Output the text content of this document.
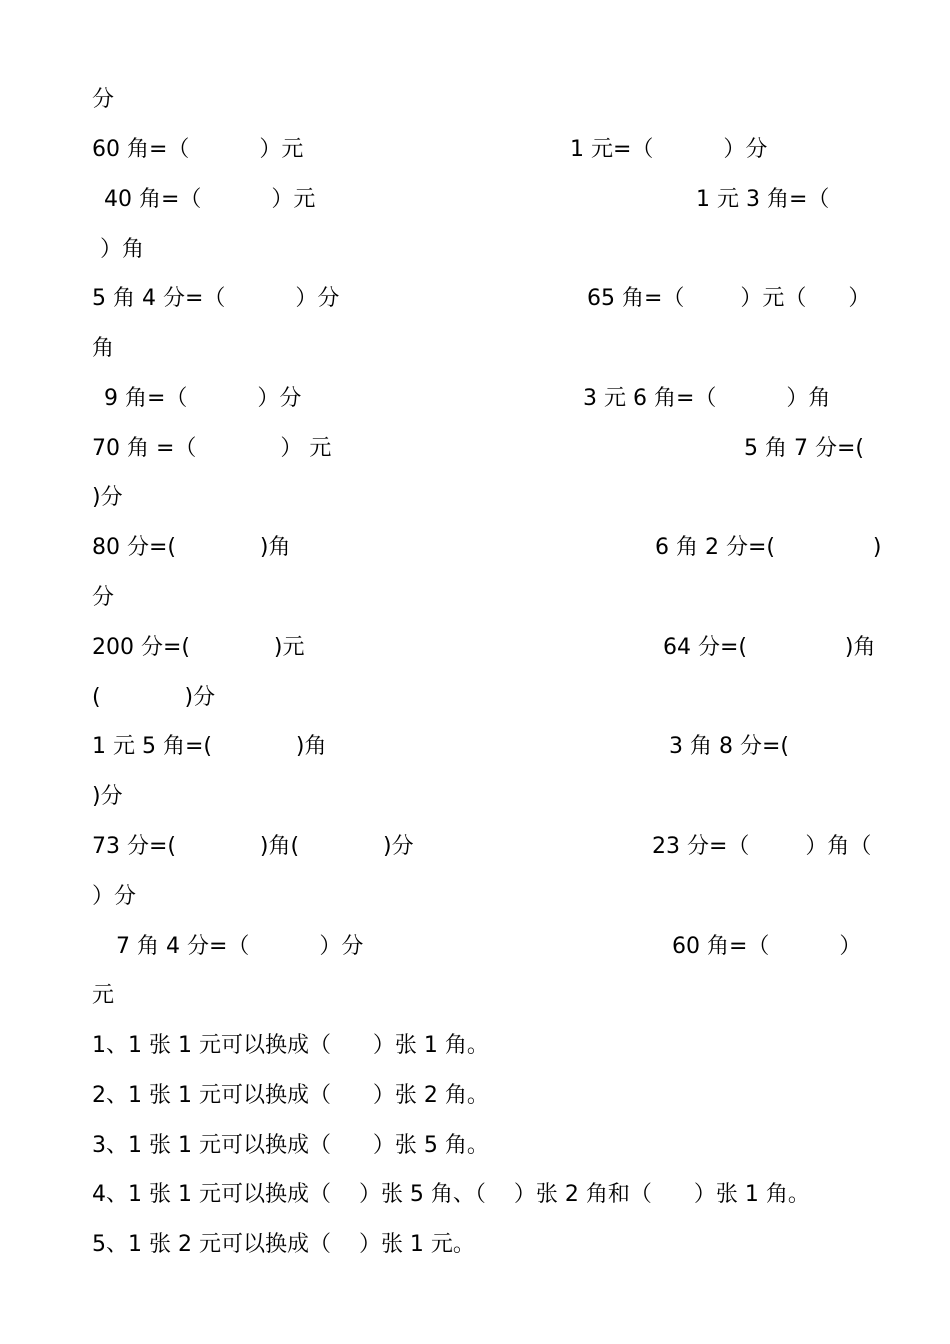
分
60 角=（          ）元	1 元=（          ）分
40 角=（          ）元	1 元 3 角=（
）角
5 角 4 分=（          ）分	65 角=（        ）元（      ）
角
9 角=（          ）分	3 元 6 角=（          ）角
70 角 =（            ） 元	5 角 7 分=(
)分
80 分=(            )角	6 角 2 分=(              )
分
200 分=(            )元	64 分=(              )角
(            )分
1 元 5 角=(            )角	3 角 8 分=(
)分
73 分=(            )角(            )分	23 分=（        ）角（
）分
7 角 4 分=（          ）分	60 角=（          ）
元
1、1 张 1 元可以换成（      ）张 1 角。
2、1 张 1 元可以换成（      ）张 2 角。
3、1 张 1 元可以换成（      ）张 5 角。
4、1 张 1 元可以换成（    ）张 5 角、（    ）张 2 角和（      ）张 1 角。
5、1 张 2 元可以换成（    ）张 1 元。
